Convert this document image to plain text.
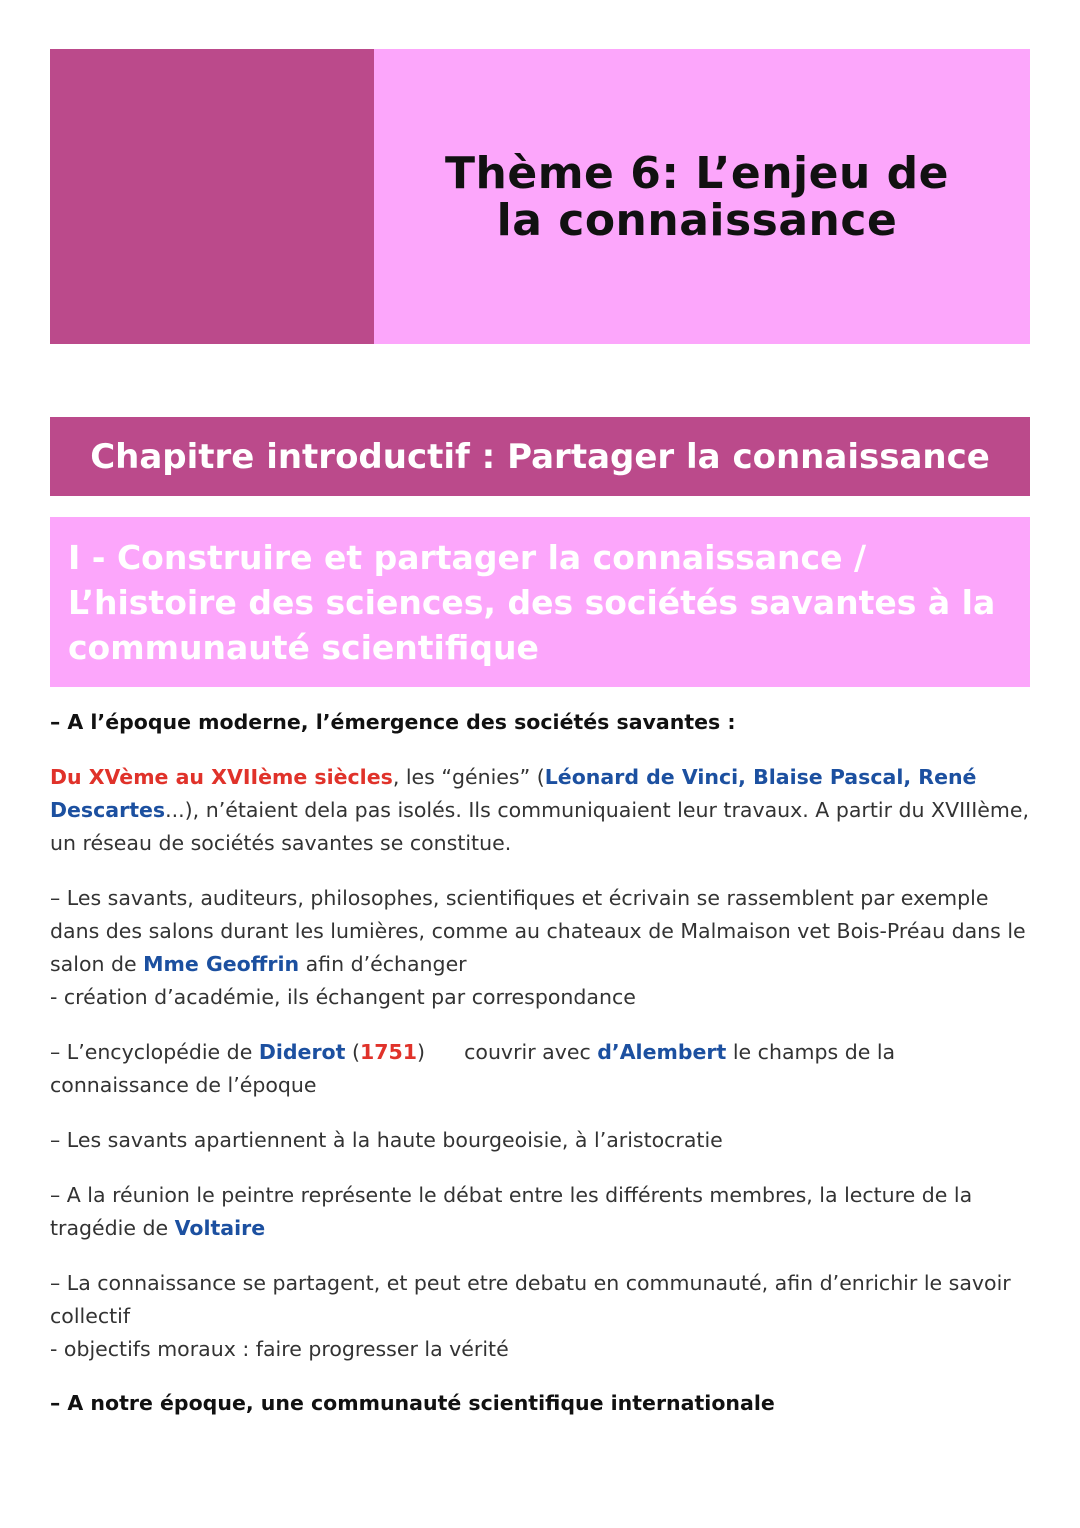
Thème 6: L’enjeu de
la connaissance
Chapitre introductif : Partager la connaissance
I - Construire et partager la connaissance /
L’histoire des sciences, des sociétés savantes à la
communauté scientifique

– A l’époque moderne, l’émergence des sociétés savantes :

Du XVème au XVIIème siècles, les “génies” (Léonard de Vinci, Blaise Pascal, René Descartes...), n’étaient dela pas isolés. Ils communiquaient leur travaux. A partir du XVIIIème, un réseau de sociétés savantes se constitue.

– Les savants, auditeurs, philosophes, scientifiques et écrivain se rassemblent par exemple dans des salons durant les lumières, comme au chateaux de Malmaison vet Bois-Préau dans le salon de Mme Geoffrin afin d’échanger

- création d’académie, ils échangent par correspondance

– L’encyclopédie de Diderot (1751)      couvrir avec d’Alembert le champs de la connaissance de l’époque

– Les savants apartiennent à la haute bourgeoisie, à l’aristocratie

– A la réunion le peintre représente le débat entre les différents membres, la lecture de la tragédie de Voltaire

– La connaissance se partagent, et peut etre debatu en communauté, afin d’enrichir le savoir collectif

- objectifs moraux : faire progresser la vérité

– A notre époque, une communauté scientifique internationale
